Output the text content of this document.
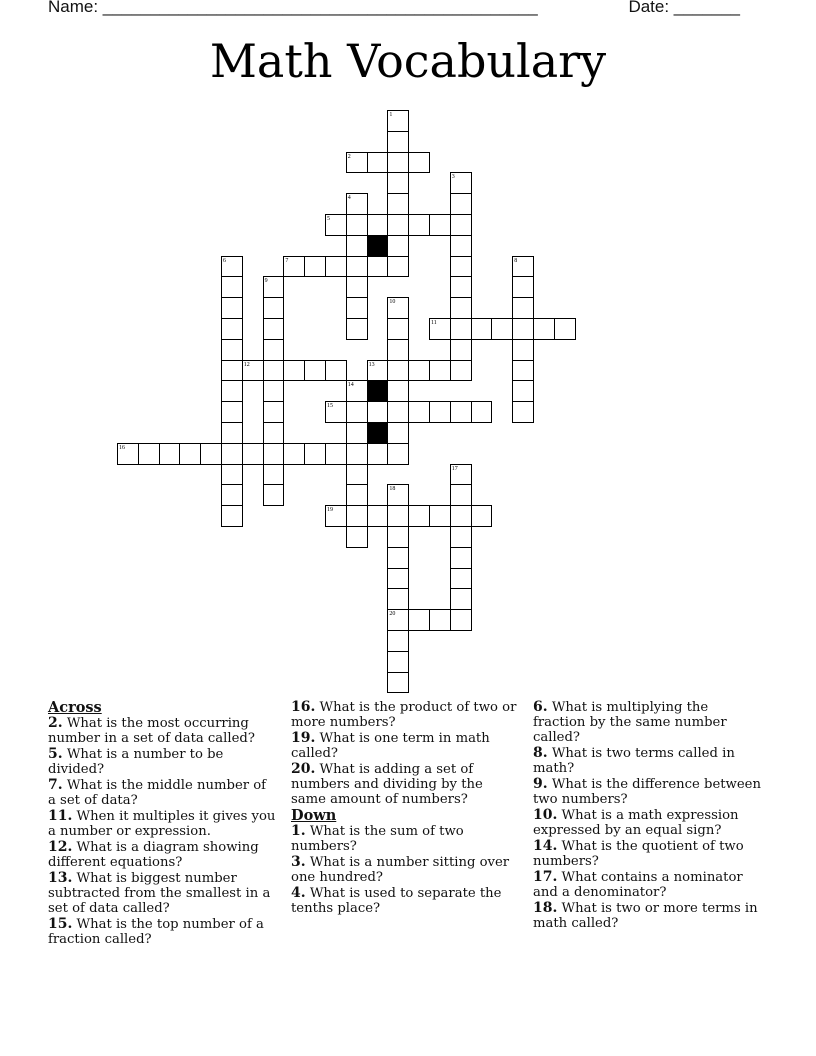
Name: ______________________________________________	Date: _______
Math Vocabulary
1
2
3
4
5
6	7	8
9
10
11
12	13
14
15
16
17
18
19
20
Across
2. What is the most occurring number in a set of data called?
5. What is a number to be divided?
7. What is the middle number of a set of data?
11. When it multiples it gives you a number or expression.
12. What is a diagram showing different equations?
13. What is biggest number subtracted from the smallest in a set of data called?
15. What is the top number of a fraction called?
16. What is the product of two or more numbers?
19. What is one term in math called?
20. What is adding a set of numbers and dividing by the same amount of numbers?
Down
1. What is the sum of two numbers?
3. What is a number sitting over one hundred?
4. What is used to separate the tenths place?
6. What is multiplying the fraction by the same number called?
8. What is two terms called in math?
9. What is the difference between two numbers?
10. What is a math expression expressed by an equal sign?
14. What is the quotient of two numbers?
17. What contains a nominator and a denominator?
18. What is two or more terms in math called?
